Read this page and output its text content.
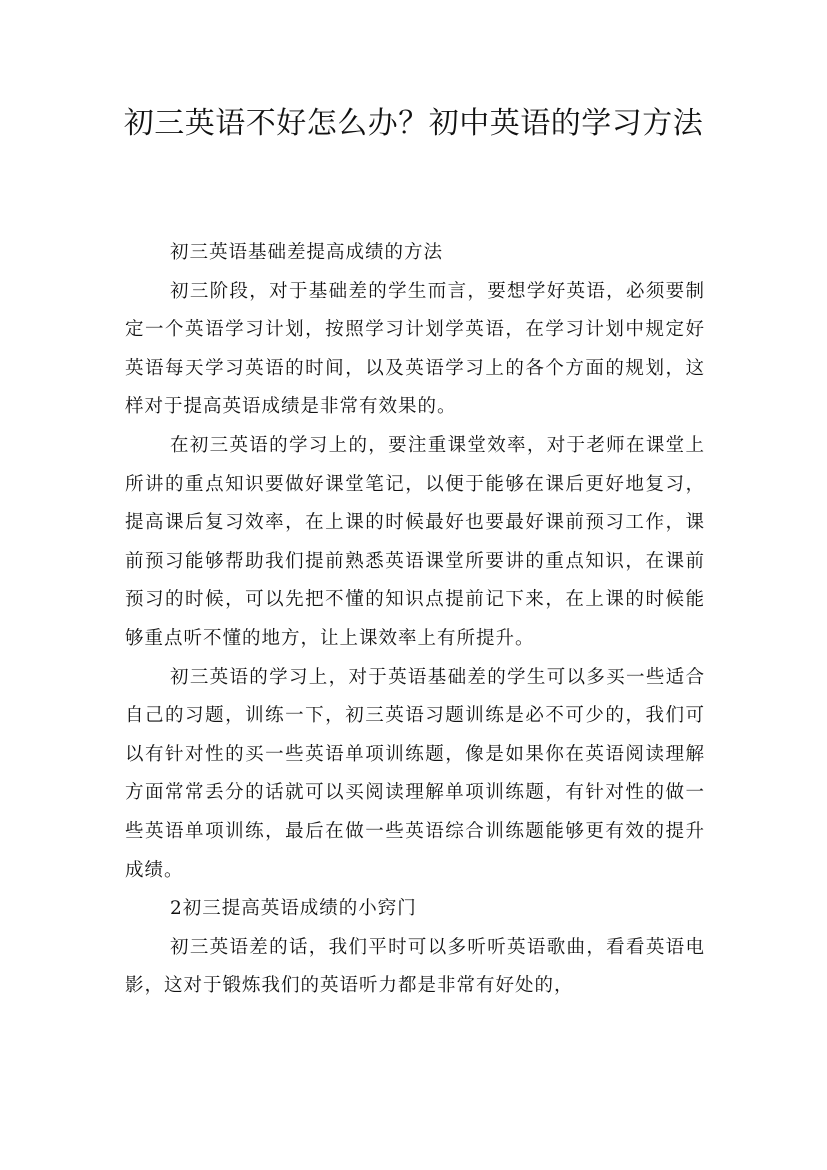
初三英语不好怎么办？初中英语的学习方法

初三英语基础差提高成绩的方法

初三阶段，对于基础差的学生而言，要想学好英语，必须要制定一个英语学习计划，按照学习计划学英语，在学习计划中规定好英语每天学习英语的时间，以及英语学习上的各个方面的规划，这样对于提高英语成绩是非常有效果的。

在初三英语的学习上的，要注重课堂效率，对于老师在课堂上所讲的重点知识要做好课堂笔记，以便于能够在课后更好地复习，提高课后复习效率，在上课的时候最好也要最好课前预习工作，课前预习能够帮助我们提前熟悉英语课堂所要讲的重点知识，在课前预习的时候，可以先把不懂的知识点提前记下来，在上课的时候能够重点听不懂的地方，让上课效率上有所提升。

初三英语的学习上，对于英语基础差的学生可以多买一些适合自己的习题，训练一下，初三英语习题训练是必不可少的，我们可以有针对性的买一些英语单项训练题，像是如果你在英语阅读理解方面常常丢分的话就可以买阅读理解单项训练题，有针对性的做一些英语单项训练，最后在做一些英语综合训练题能够更有效的提升成绩。

2初三提高英语成绩的小窍门

初三英语差的话，我们平时可以多听听英语歌曲，看看英语电影，这对于锻炼我们的英语听力都是非常有好处的，
